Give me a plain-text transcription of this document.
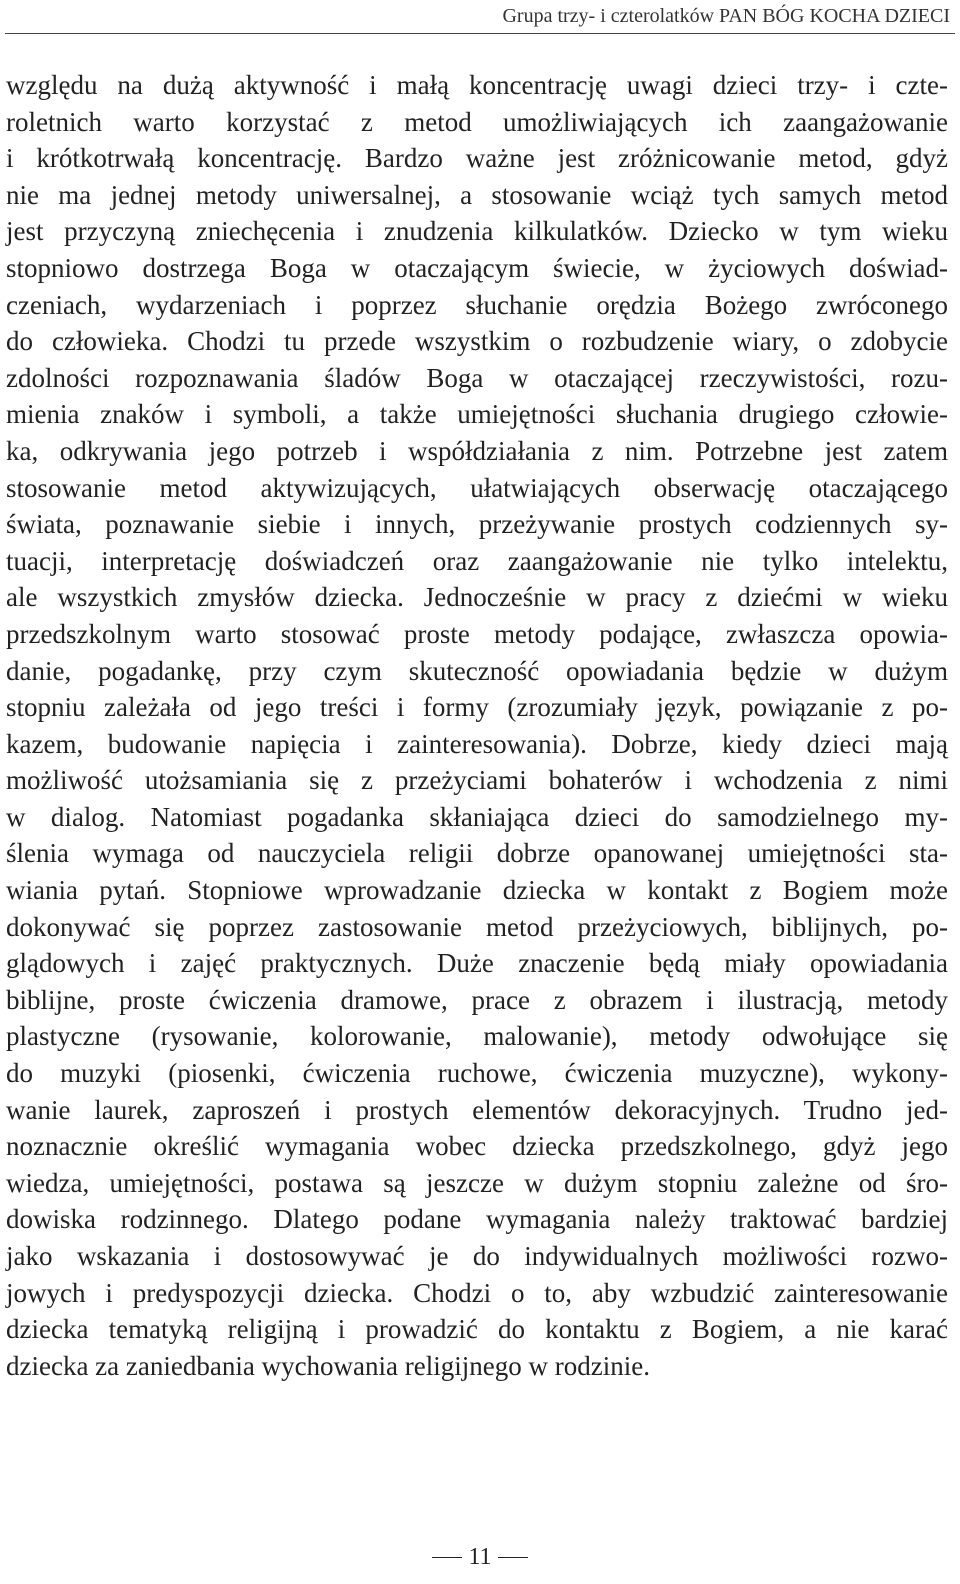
Grupa trzy- i czterolatków PAN BÓG KOCHA DZIECI
względu na dużą aktywność i małą koncentrację uwagi dzieci trzy- i czte-
roletnich warto korzystać z metod umożliwiających ich zaangażowanie
i krótkotrwałą koncentrację. Bardzo ważne jest zróżnicowanie metod, gdyż
nie ma jednej metody uniwersalnej, a stosowanie wciąż tych samych metod
jest przyczyną zniechęcenia i znudzenia kilkulatków. Dziecko w tym wieku
stopniowo dostrzega Boga w otaczającym świecie, w życiowych doświad-
czeniach, wydarzeniach i poprzez słuchanie orędzia Bożego zwróconego
do człowieka. Chodzi tu przede wszystkim o rozbudzenie wiary, o zdobycie
zdolności rozpoznawania śladów Boga w otaczającej rzeczywistości, rozu-
mienia znaków i symboli, a także umiejętności słuchania drugiego człowie-
ka, odkrywania jego potrzeb i współdziałania z nim. Potrzebne jest zatem
stosowanie metod aktywizujących, ułatwiających obserwację otaczającego
świata, poznawanie siebie i innych, przeżywanie prostych codziennych sy-
tuacji, interpretację doświadczeń oraz zaangażowanie nie tylko intelektu,
ale wszystkich zmysłów dziecka. Jednocześnie w pracy z dziećmi w wieku
przedszkolnym warto stosować proste metody podające, zwłaszcza opowia-
danie, pogadankę, przy czym skuteczność opowiadania będzie w dużym
stopniu zależała od jego treści i formy (zrozumiały język, powiązanie z po-
kazem, budowanie napięcia i zainteresowania). Dobrze, kiedy dzieci mają
możliwość utożsamiania się z przeżyciami bohaterów i wchodzenia z nimi
w dialog. Natomiast pogadanka skłaniająca dzieci do samodzielnego my-
ślenia wymaga od nauczyciela religii dobrze opanowanej umiejętności sta-
wiania pytań. Stopniowe wprowadzanie dziecka w kontakt z Bogiem może
dokonywać się poprzez zastosowanie metod przeżyciowych, biblijnych, po-
glądowych i zajęć praktycznych. Duże znaczenie będą miały opowiadania
biblijne, proste ćwiczenia dramowe, prace z obrazem i ilustracją, metody
plastyczne (rysowanie, kolorowanie, malowanie), metody odwołujące się
do muzyki (piosenki, ćwiczenia ruchowe, ćwiczenia muzyczne), wykony-
wanie laurek, zaproszeń i prostych elementów dekoracyjnych. Trudno jed-
noznacznie określić wymagania wobec dziecka przedszkolnego, gdyż jego
wiedza, umiejętności, postawa są jeszcze w dużym stopniu zależne od śro-
dowiska rodzinnego. Dlatego podane wymagania należy traktować bardziej
jako wskazania i dostosowywać je do indywidualnych możliwości rozwo-
jowych i predyspozycji dziecka. Chodzi o to, aby wzbudzić zainteresowanie
dziecka tematyką religijną i prowadzić do kontaktu z Bogiem, a nie karać
dziecka za zaniedbania wychowania religijnego w rodzinie.
11
